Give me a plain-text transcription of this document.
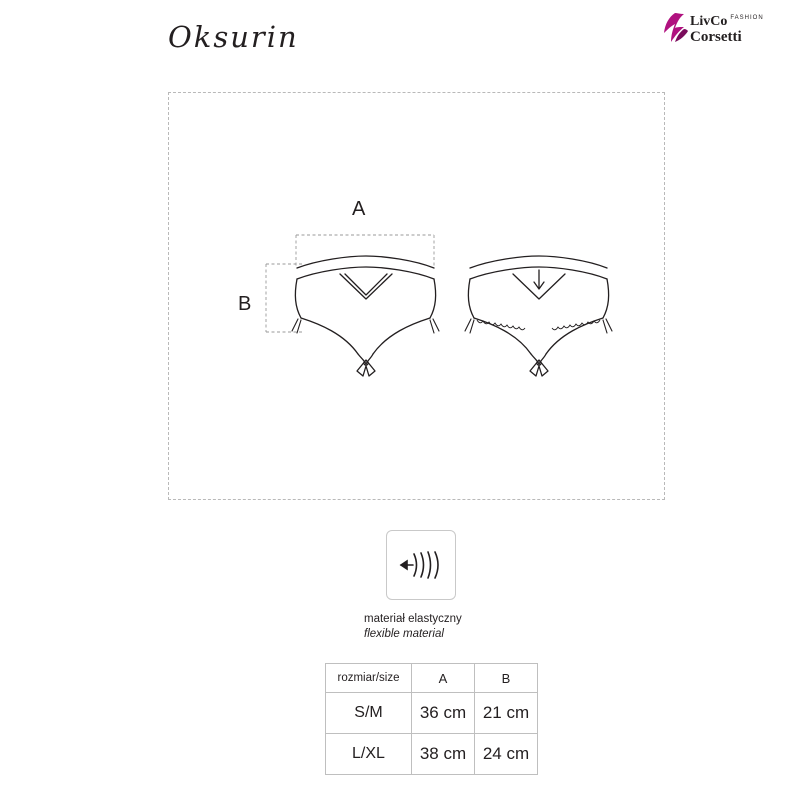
Oksurin	LivCo $^{FASHION}$
Corsetti
A
B
materiał elastyczny
flexible material
rozmiar/size	A	B
S/M	36 cm	21 cm
L/XL	38 cm	24 cm
